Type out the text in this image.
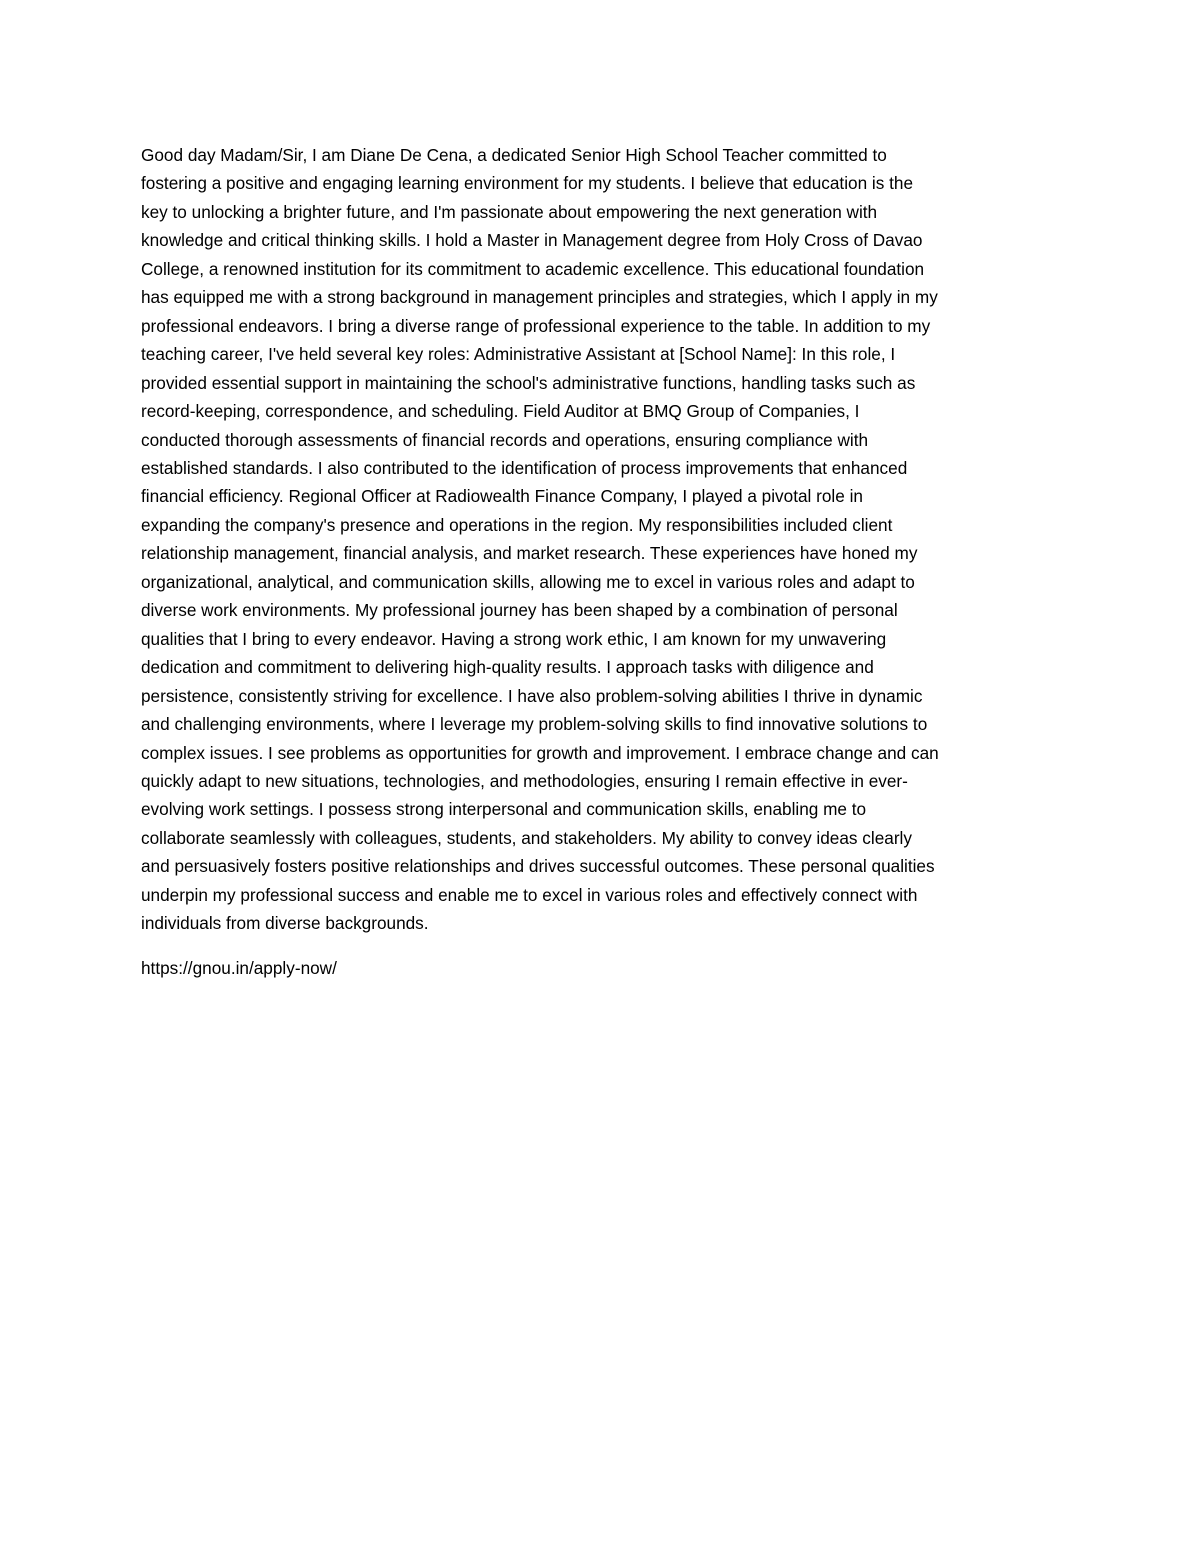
Good day Madam/Sir, I am Diane De Cena, a dedicated Senior High School Teacher committed to
fostering a positive and engaging learning environment for my students. I believe that education is the
key to unlocking a brighter future, and I'm passionate about empowering the next generation with
knowledge and critical thinking skills. I hold a Master in Management degree from Holy Cross of Davao
College, a renowned institution for its commitment to academic excellence. This educational foundation
has equipped me with a strong background in management principles and strategies, which I apply in my
professional endeavors. I bring a diverse range of professional experience to the table. In addition to my
teaching career, I've held several key roles: Administrative Assistant at [School Name]: In this role, I
provided essential support in maintaining the school's administrative functions, handling tasks such as
record-keeping, correspondence, and scheduling. Field Auditor at BMQ Group of Companies, I
conducted thorough assessments of financial records and operations, ensuring compliance with
established standards. I also contributed to the identification of process improvements that enhanced
financial efficiency. Regional Officer at Radiowealth Finance Company, I played a pivotal role in
expanding the company's presence and operations in the region. My responsibilities included client
relationship management, financial analysis, and market research. These experiences have honed my
organizational, analytical, and communication skills, allowing me to excel in various roles and adapt to
diverse work environments. My professional journey has been shaped by a combination of personal
qualities that I bring to every endeavor. Having a strong work ethic, I am known for my unwavering
dedication and commitment to delivering high-quality results. I approach tasks with diligence and
persistence, consistently striving for excellence. I have also problem-solving abilities I thrive in dynamic
and challenging environments, where I leverage my problem-solving skills to find innovative solutions to
complex issues. I see problems as opportunities for growth and improvement. I embrace change and can
quickly adapt to new situations, technologies, and methodologies, ensuring I remain effective in ever-
evolving work settings. I possess strong interpersonal and communication skills, enabling me to
collaborate seamlessly with colleagues, students, and stakeholders. My ability to convey ideas clearly
and persuasively fosters positive relationships and drives successful outcomes. These personal qualities
underpin my professional success and enable me to excel in various roles and effectively connect with
individuals from diverse backgrounds.
https://gnou.in/apply-now/
